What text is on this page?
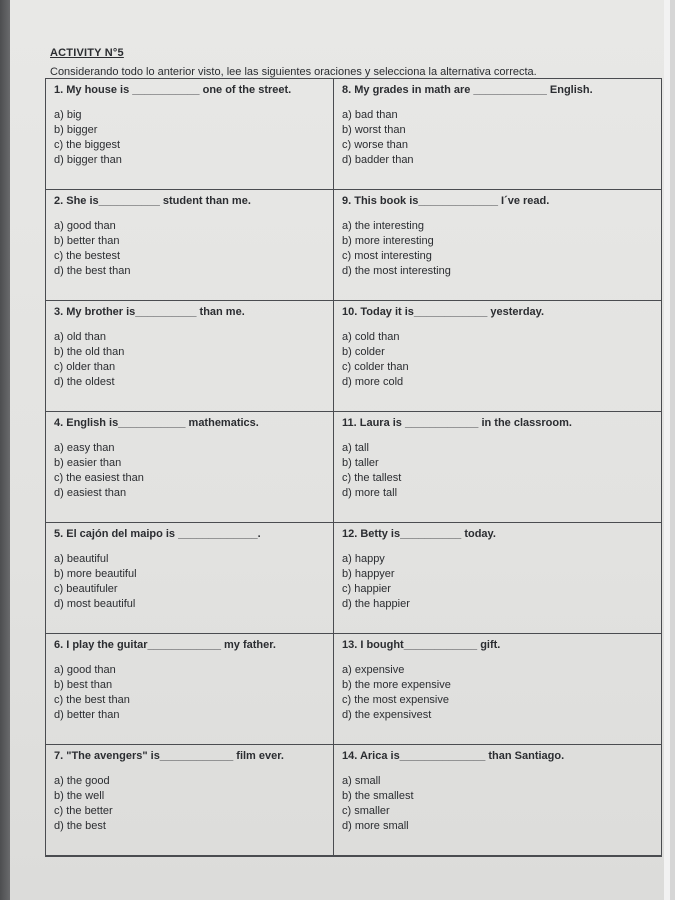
ACTIVITY N°5
Considerando todo lo anterior visto, lee las siguientes oraciones y selecciona la alternativa correcta.
1. My house is ___________ one of the street.
a) big
b) bigger
c) the biggest
d) bigger than
8. My grades in math are ____________ English.
a) bad than
b) worst than
c) worse than
d) badder than
2. She is__________ student than me.
a) good than
b) better than
c) the bestest
d) the best than
9. This book is_____________ I´ve read.
a) the interesting
b) more interesting
c) most interesting
d) the most interesting
3. My brother is__________ than me.
a) old than
b) the old than
c) older than
d) the oldest
10. Today it is____________ yesterday.
a) cold than
b) colder
c) colder than
d) more cold
4. English is___________ mathematics.
a) easy than
b) easier than
c) the easiest than
d) easiest than
11. Laura is ____________ in the classroom.
a) tall
b) taller
c) the tallest
d) more tall
5. El cajón del maipo is _____________.
a) beautiful
b) more beautiful
c) beautifuler
d) most beautiful
12. Betty is__________ today.
a) happy
b) happyer
c) happier
d) the happier
6. I play the guitar____________ my father.
a) good than
b) best than
c) the best than
d) better than
13. I bought____________ gift.
a) expensive
b) the more expensive
c) the most expensive
d) the expensivest
7. "The avengers" is____________ film ever.
a) the good
b) the well
c) the better
d) the best
14. Arica is______________ than Santiago.
a) small
b) the smallest
c) smaller
d) more small
